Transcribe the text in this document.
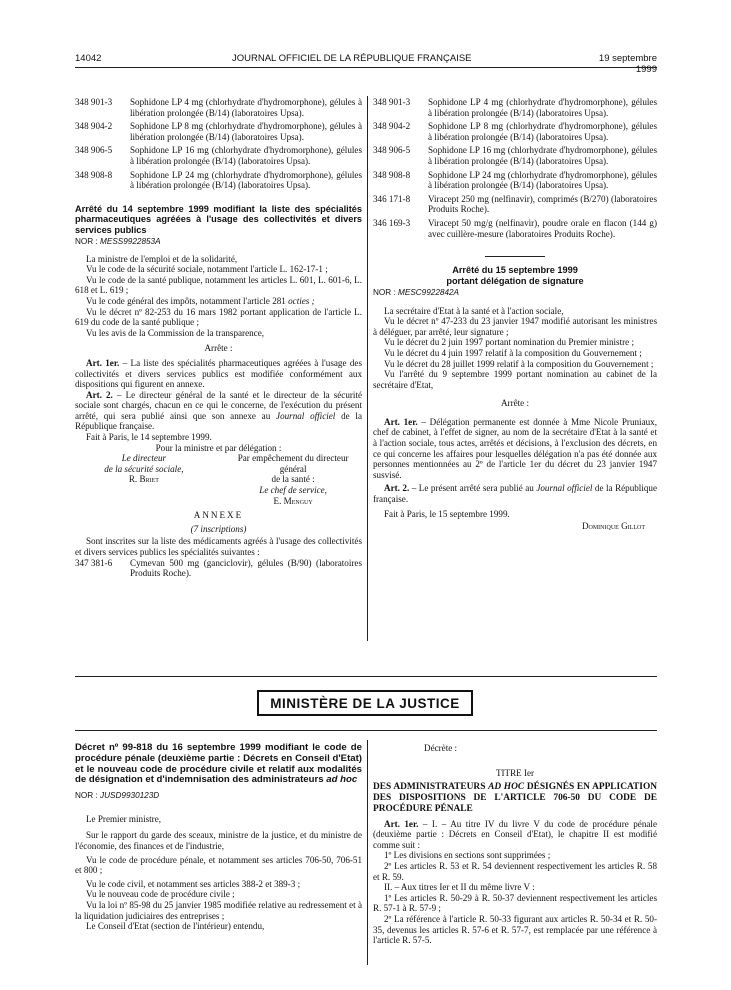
14042	JOURNAL OFFICIEL DE LA RÉPUBLIQUE FRANÇAISE	19 septembre 1999
348 901-3	Sophidone LP 4 mg (chlorhydrate d'hydromorphone), gélules à libération prolongée (B/14) (laboratoires Upsa).
348 904-2	Sophidone LP 8 mg (chlorhydrate d'hydromorphone), gélules à libération prolongée (B/14) (laboratoires Upsa).
348 906-5	Sophidone LP 16 mg (chlorhydrate d'hydromorphone), gélules à libération prolongée (B/14) (laboratoires Upsa).
348 908-8	Sophidone LP 24 mg (chlorhydrate d'hydromorphone), gélules à libération prolongée (B/14) (laboratoires Upsa).

Arrêté du 14 septembre 1999 modifiant la liste des spécialités pharmaceutiques agréées à l'usage des collectivités et divers services publics

NOR : MESS9922853A

La ministre de l'emploi et de la solidarité,

Vu le code de la sécurité sociale, notamment l'article L. 162-17-1 ;

Vu le code de la santé publique, notamment les articles L. 601, L. 601-6, L. 618 et L. 619 ;

Vu le code général des impôts, notamment l'article 281 octies ;

Vu le décret nº 82-253 du 16 mars 1982 portant application de l'article L. 619 du code de la santé publique ;

Vu les avis de la Commission de la transparence,

Arrête :

Art. 1er. – La liste des spécialités pharmaceutiques agréées à l'usage des collectivités et divers services publics est modifiée conformément aux dispositions qui figurent en annexe.

Art. 2. – Le directeur général de la santé et le directeur de la sécurité sociale sont chargés, chacun en ce qui le concerne, de l'exécution du présent arrêté, qui sera publié ainsi que son annexe au Journal officiel de la République française.

Fait à Paris, le 14 septembre 1999.

Pour la ministre et par délégation :

Le directeur
de la sécurité sociale,
R. Briet
Par empêchement du directeur général
de la santé :
Le chef de service,
E. Menguy

ANNEXE

(7 inscriptions)

Sont inscrites sur la liste des médicaments agréés à l'usage des collectivités et divers services publics les spécialités suivantes :

347 381-6	Cymevan 500 mg (ganciclovir), gélules (B/90) (laboratoires Produits Roche).
348 901-3	Sophidone LP 4 mg (chlorhydrate d'hydromorphone), gélules à libération prolongée (B/14) (laboratoires Upsa).
348 904-2	Sophidone LP 8 mg (chlorhydrate d'hydromorphone), gélules à libération prolongée (B/14) (laboratoires Upsa).
348 906-5	Sophidone LP 16 mg (chlorhydrate d'hydromorphone), gélules à libération prolongée (B/14) (laboratoires Upsa).
348 908-8	Sophidone LP 24 mg (chlorhydrate d'hydromorphone), gélules à libération prolongée (B/14) (laboratoires Upsa).
346 171-8	Viracept 250 mg (nelfinavir), comprimés (B/270) (laboratoires Produits Roche).
346 169-3	Viracept 50 mg/g (nelfinavir), poudre orale en flacon (144 g) avec cuillère-mesure (laboratoires Produits Roche).

Arrêté du 15 septembre 1999

portant délégation de signature

NOR : MESC9922842A

La secrétaire d'Etat à la santé et à l'action sociale,

Vu le décret nº 47-233 du 23 janvier 1947 modifié autorisant les ministres à déléguer, par arrêté, leur signature ;

Vu le décret du 2 juin 1997 portant nomination du Premier ministre ;

Vu le décret du 4 juin 1997 relatif à la composition du Gouvernement ;

Vu le décret du 28 juillet 1999 relatif à la composition du Gouvernement ;

Vu l'arrêté du 9 septembre 1999 portant nomination au cabinet de la secrétaire d'Etat,

Arrête :

Art. 1er. – Délégation permanente est donnée à Mme Nicole Pruniaux, chef de cabinet, à l'effet de signer, au nom de la secrétaire d'Etat à la santé et à l'action sociale, tous actes, arrêtés et décisions, à l'exclusion des décrets, en ce qui concerne les affaires pour lesquelles délégation n'a pas été donnée aux personnes mentionnées au 2º de l'article 1er du décret du 23 janvier 1947 susvisé.

Art. 2. – Le présent arrêté sera publié au Journal officiel de la République française.

Fait à Paris, le 15 septembre 1999.

Dominique Gillot

MINISTÈRE DE LA JUSTICE

Décret nº 99-818 du 16 septembre 1999 modifiant le code de procédure pénale (deuxième partie : Décrets en Conseil d'Etat) et le nouveau code de procédure civile et relatif aux modalités de désignation et d'indemnisation des administrateurs ad hoc

NOR : JUSD9930123D

Le Premier ministre,

Sur le rapport du garde des sceaux, ministre de la justice, et du ministre de l'économie, des finances et de l'industrie,

Vu le code de procédure pénale, et notamment ses articles 706-50, 706-51 et 800 ;

Vu le code civil, et notamment ses articles 388-2 et 389-3 ;

Vu le nouveau code de procédure civile ;

Vu la loi nº 85-98 du 25 janvier 1985 modifiée relative au redressement et à la liquidation judiciaires des entreprises ;

Le Conseil d'Etat (section de l'intérieur) entendu,

Décrète :

TITRE Ier

DES ADMINISTRATEURS AD HOC DÉSIGNÉS EN APPLICATION DES DISPOSITIONS DE L'ARTICLE 706-50 DU CODE DE PROCÉDURE PÉNALE

Art. 1er. – I. – Au titre IV du livre V du code de procédure pénale (deuxième partie : Décrets en Conseil d'Etat), le chapitre II est modifié comme suit :

1º Les divisions en sections sont supprimées ;

2º Les articles R. 53 et R. 54 deviennent respectivement les articles R. 58 et R. 59.

II. – Aux titres Ier et II du même livre V :

1º Les articles R. 50-29 à R. 50-37 deviennent respectivement les articles R. 57-1 à R. 57-9 ;

2º La référence à l'article R. 50-33 figurant aux articles R. 50-34 et R. 50-35, devenus les articles R. 57-6 et R. 57-7, est remplacée par une référence à l'article R. 57-5.
